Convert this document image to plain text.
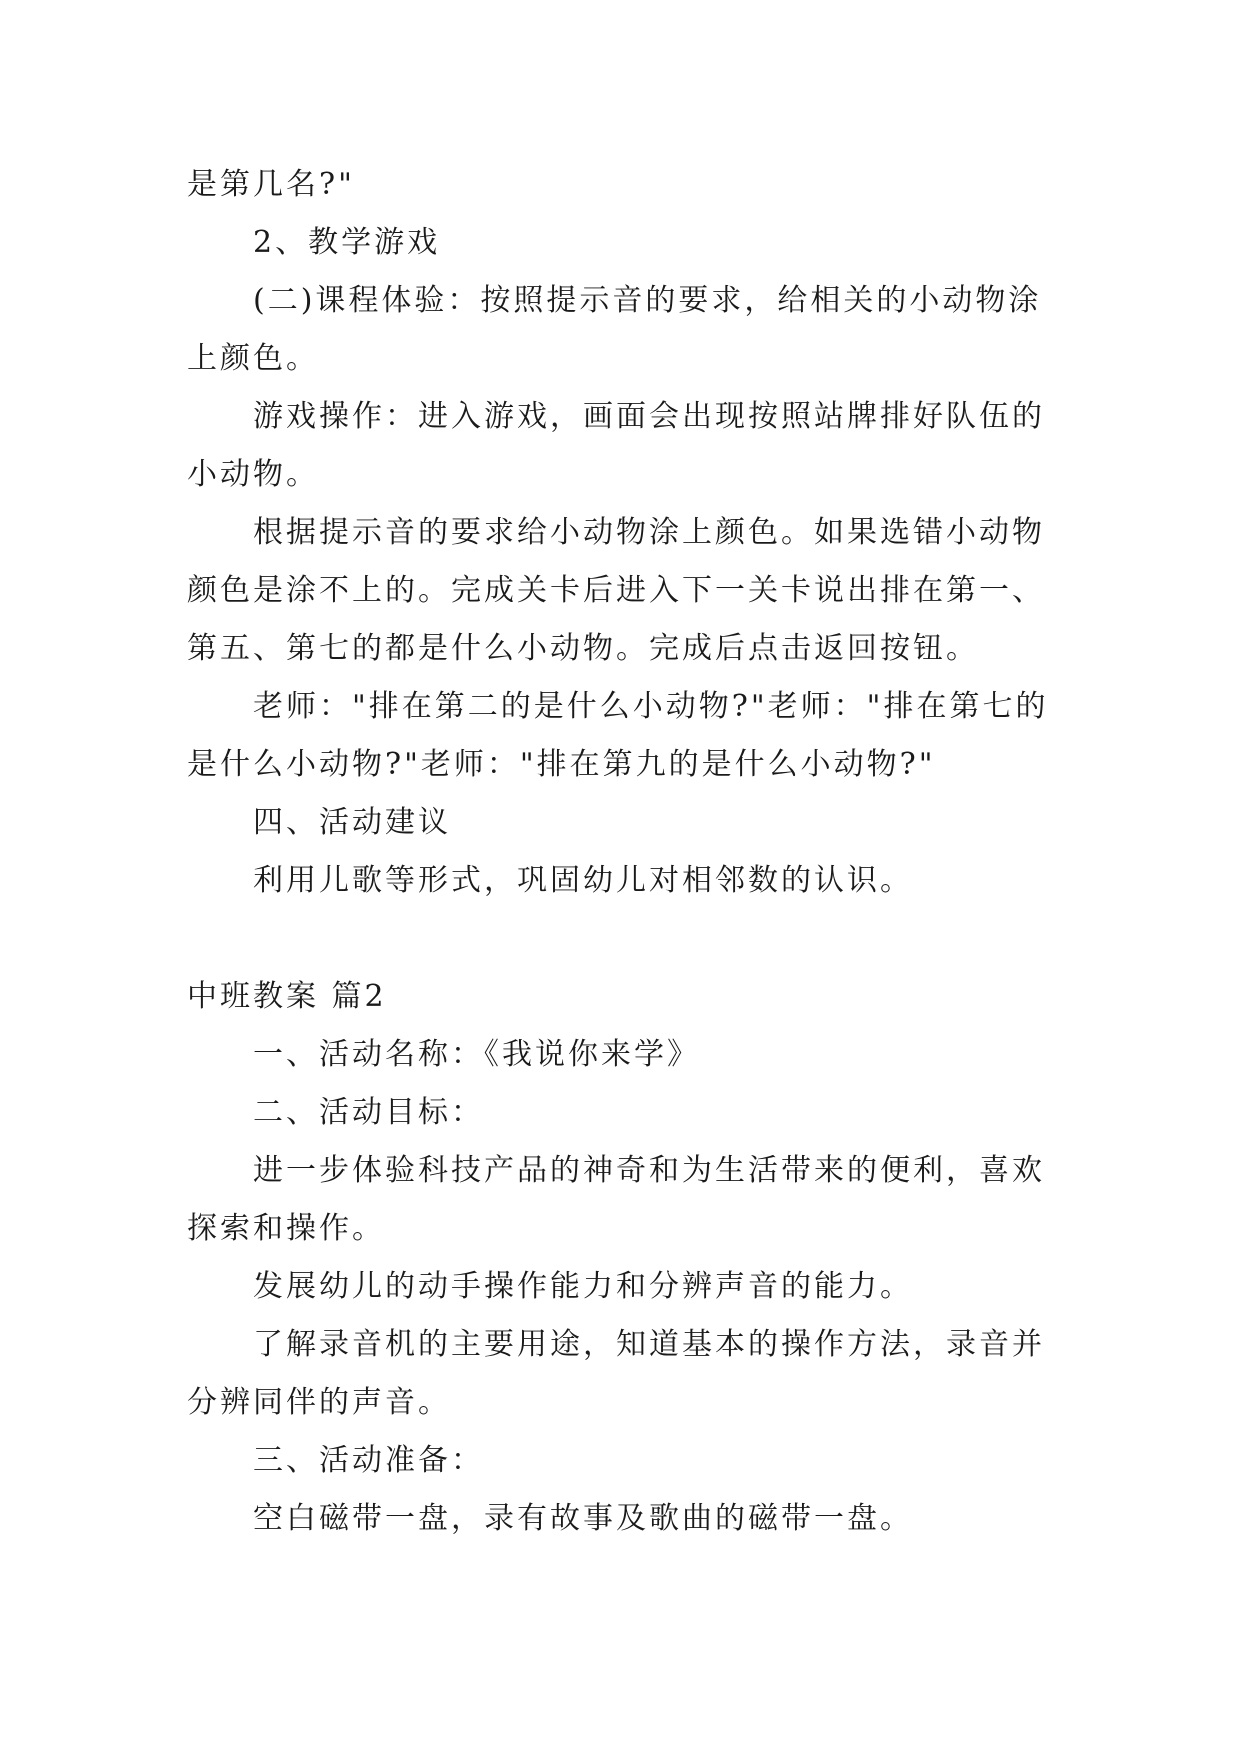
是第几名?"

2、教学游戏

(二)课程体验：按照提示音的要求，给相关的小动物涂上颜色。

游戏操作：进入游戏，画面会出现按照站牌排好队伍的小动物。

根据提示音的要求给小动物涂上颜色。如果选错小动物颜色是涂不上的。完成关卡后进入下一关卡说出排在第一、第五、第七的都是什么小动物。完成后点击返回按钮。

老师："排在第二的是什么小动物?"老师："排在第七的是什么小动物?"老师："排在第九的是什么小动物?"

四、活动建议

利用儿歌等形式，巩固幼儿对相邻数的认识。

中班教案 篇2

一、活动名称：《我说你来学》

二、活动目标：

进一步体验科技产品的神奇和为生活带来的便利，喜欢探索和操作。

发展幼儿的动手操作能力和分辨声音的能力。

了解录音机的主要用途，知道基本的操作方法，录音并分辨同伴的声音。

三、活动准备：

空白磁带一盘，录有故事及歌曲的磁带一盘。
